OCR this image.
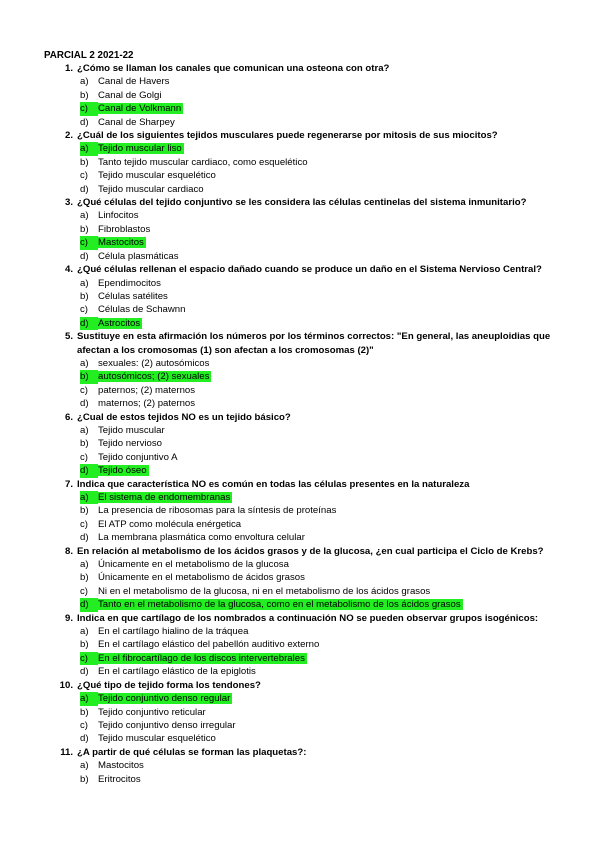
PARCIAL 2 2021-22
1. ¿Cómo se llaman los canales que comunican una osteona con otra?
a) Canal de Havers
b) Canal de Golgi
c)	Canal de Volkmann
d) Canal de Sharpey
2. ¿Cuál de los siguientes tejidos musculares puede regenerarse por mitosis de sus miocitos?
a) Tejido muscular liso
b) Tanto tejido muscular cardiaco, como esquelético
c)	Tejido muscular esquelético
d) Tejido muscular cardiaco
3. ¿Qué células del tejido conjuntivo se les considera las células centinelas del sistema inmunitario?
a) Linfocitos
b) Fibroblastos
c)	Mastocitos
d) Célula plasmáticas
4. ¿Qué células rellenan el espacio dañado cuando se produce un daño en el Sistema Nervioso Central?
a) Ependimocitos
b) Células satélites
c)	Células de Schawnn
d) Astrocitos
5. Sustituye en esta afirmación los números por los términos correctos: "En general, las aneuploidias que afectan a los cromosomas (1) son afectan a los cromosomas (2)"
a) sexuales: (2) autosómicos
b) autosómicos; (2) sexuales
c)	paternos; (2) maternos
d) maternos; (2) paternos
6. ¿Cual de estos tejidos NO es un tejido básico?
a) Tejido muscular
b) Tejido nervioso
c)	Tejido conjuntivo A
d) Tejido óseo
7. Indica que característica NO es común en todas las células presentes en la naturaleza
a) El sistema de endomembranas
b) La presencia de ribosomas para la síntesis de proteínas
c)	El ATP como molécula enérgetica
d) La membrana plasmática como envoltura celular
8. En relación al metabolismo de los ácidos grasos y de la glucosa, ¿en cual participa el Ciclo de Krebs?
a) Únicamente en el metabolismo de la glucosa
b) Únicamente en el metabolismo de ácidos grasos
c)	Ni en el metabolismo de la glucosa, ni en el metabolismo de los ácidos grasos
d) Tanto en el metabolismo de la glucosa, como en el metabolismo de los ácidos grasos
9. Indica en que cartílago de los nombrados a continuación NO se pueden observar grupos isogénicos:
a) En el cartílago hialino de la tráquea
b) En el cartílago elástico del pabellón auditivo externo
c)	En el fibrocartílago de los discos intervertebrales
d) En el cartílago elástico de la epiglotis
10. ¿Qué tipo de tejido forma los tendones?
a) Tejido conjuntivo denso regular
b) Tejido conjuntivo reticular
c)	Tejido conjuntivo denso irregular
d) Tejido muscular esquelético
11. ¿A partir de qué células se forman las plaquetas?:
a) Mastocitos
b) Eritrocitos
